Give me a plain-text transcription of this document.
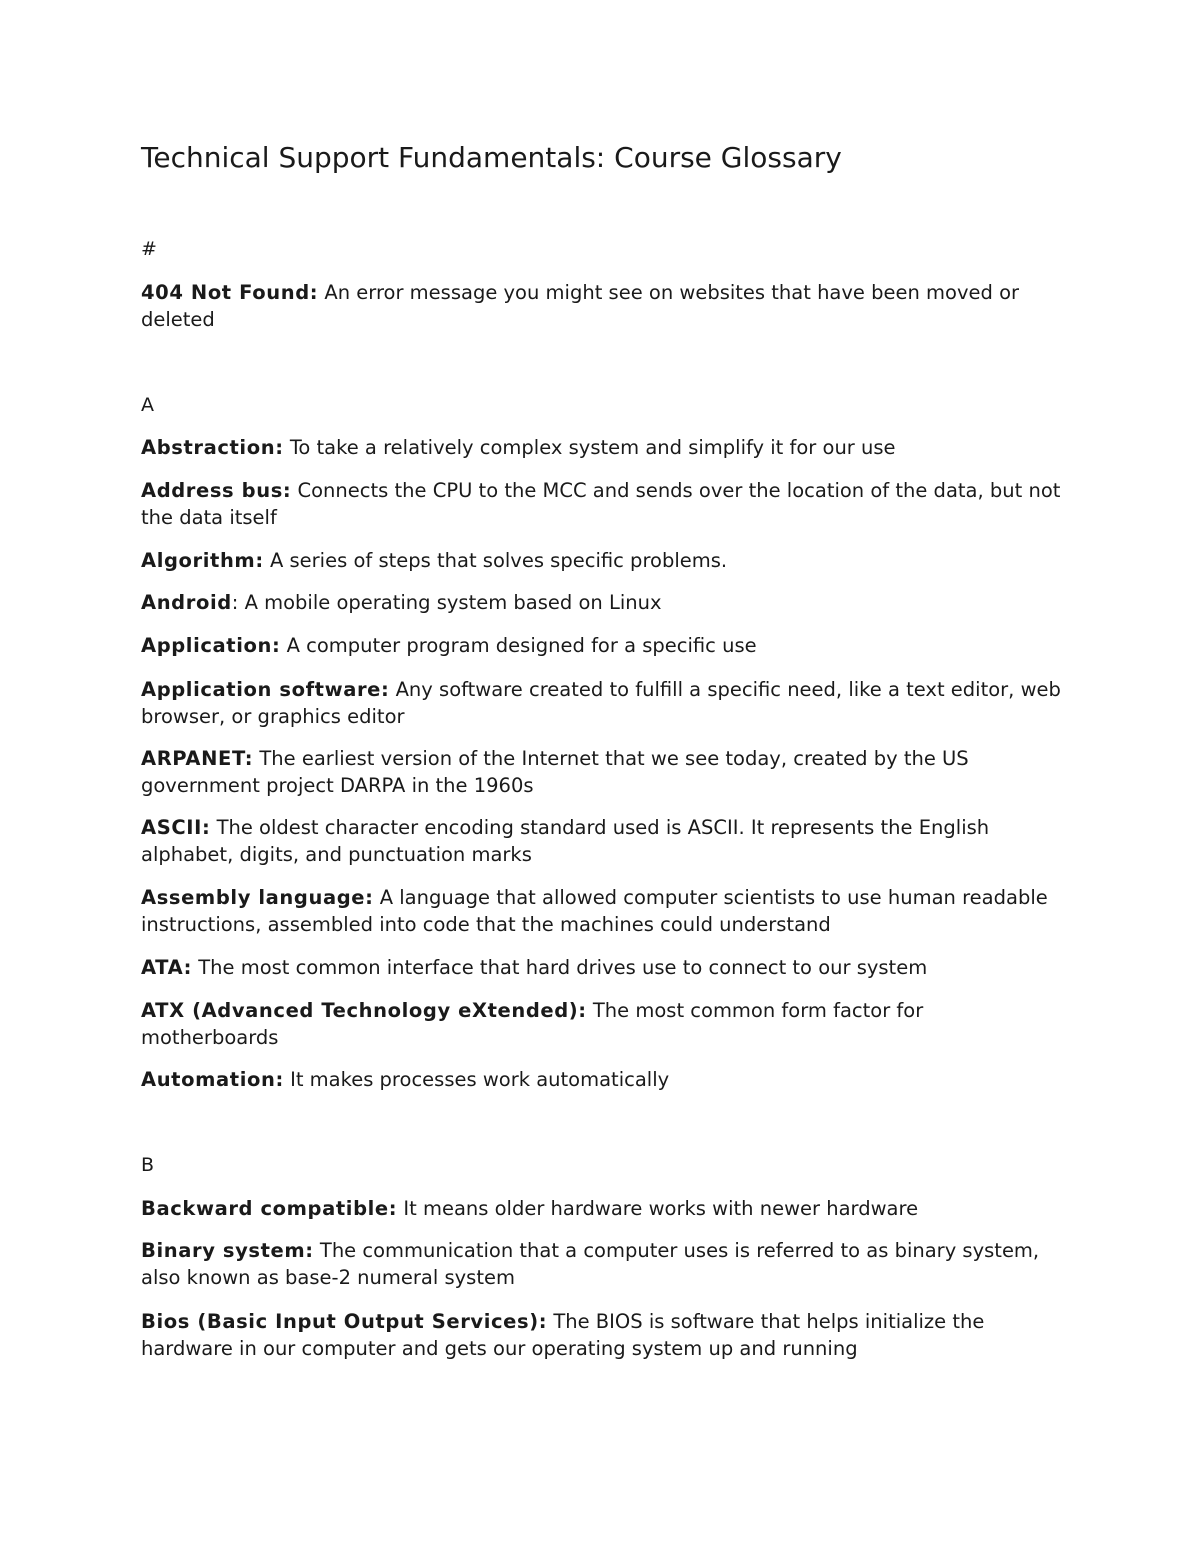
Technical Support Fundamentals: Course Glossary
#

404 Not Found: An error message you might see on websites that have been moved or deleted

A

Abstraction: To take a relatively complex system and simplify it for our use

Address bus: Connects the CPU to the MCC and sends over the location of the data, but not the data itself

Algorithm: A series of steps that solves specific problems.

Android: A mobile operating system based on Linux

Application: A computer program designed for a specific use

Application software: Any software created to fulfill a specific need, like a text editor, web browser, or graphics editor

ARPANET: The earliest version of the Internet that we see today, created by the US government project DARPA in the 1960s

ASCII: The oldest character encoding standard used is ASCII. It represents the English alphabet, digits, and punctuation marks

Assembly language: A language that allowed computer scientists to use human readable instructions, assembled into code that the machines could understand

ATA: The most common interface that hard drives use to connect to our system

ATX (Advanced Technology eXtended): The most common form factor for motherboards

Automation: It makes processes work automatically

B

Backward compatible: It means older hardware works with newer hardware

Binary system: The communication that a computer uses is referred to as binary system, also known as base-2 numeral system

Bios (Basic Input Output Services): The BIOS is software that helps initialize the hardware in our computer and gets our operating system up and running
